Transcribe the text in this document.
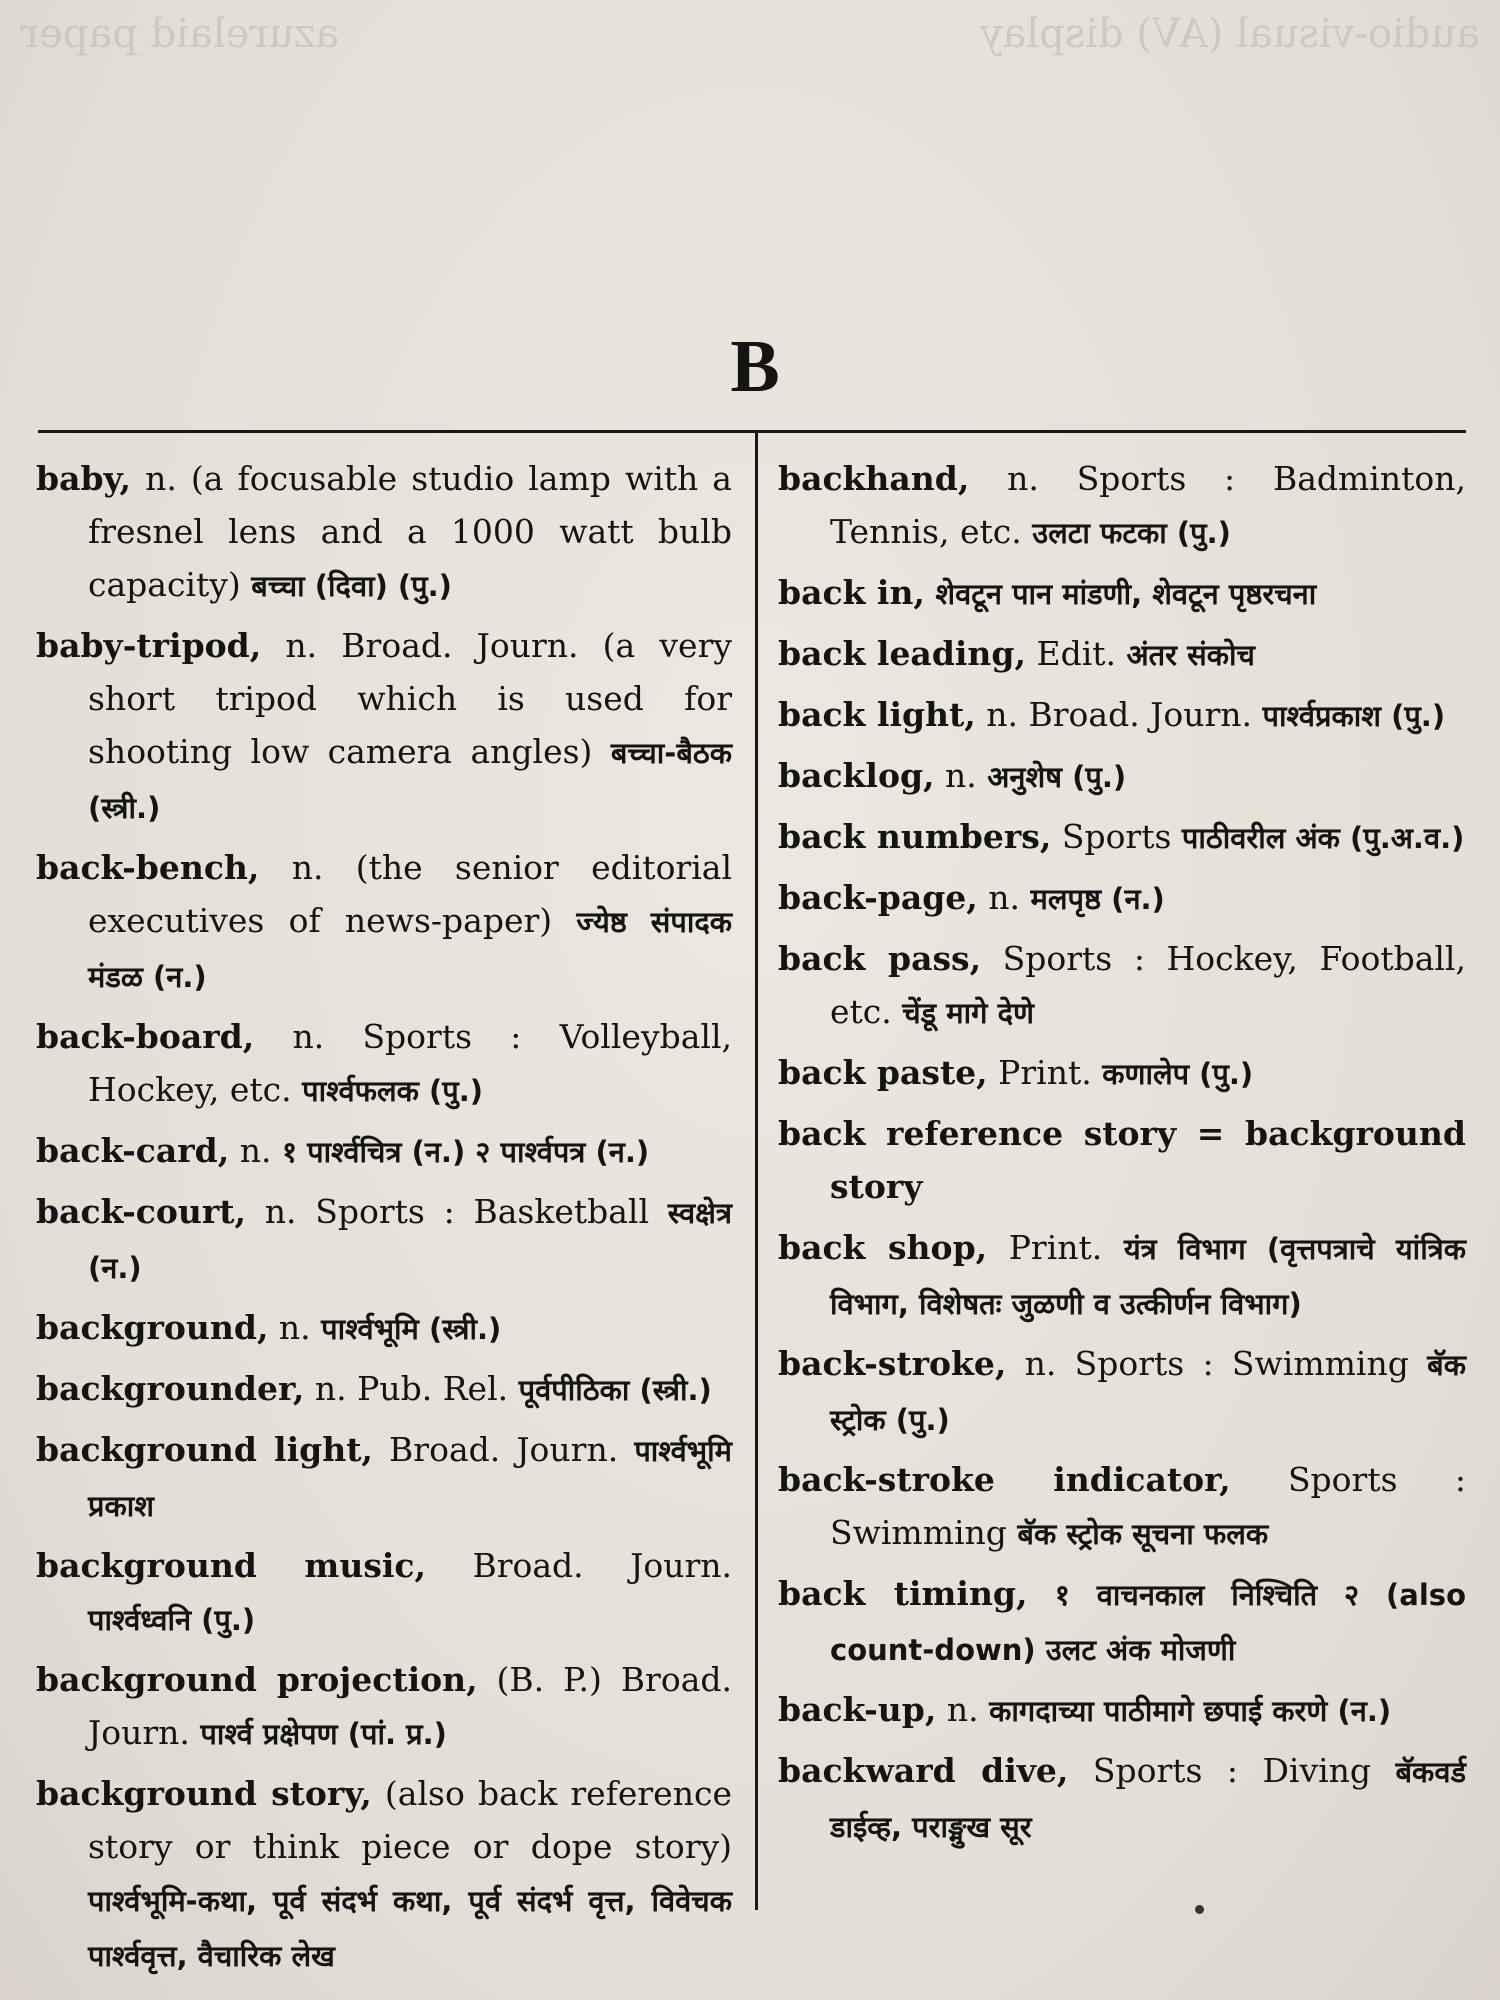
audio-visual (AV) display
azurelaid paper
B
baby, n. (a focusable studio lamp with a fresnel lens and a 1000 watt bulb capacity) बच्चा (दिवा) (पु.)
baby-tripod, n. Broad. Journ. (a very short tripod which is used for shooting low camera angles) बच्चा-बैठक (स्त्री.)
back-bench, n. (the senior editorial executives of news-paper) ज्येष्ठ संपादक मंडळ (न.)
back-board, n. Sports : Volleyball, Hockey, etc. पार्श्वफलक (पु.)
back-card, n. १ पार्श्वचित्र (न.) २ पार्श्वपत्र (न.)
back-court, n. Sports : Basketball स्वक्षेत्र (न.)
background, n. पार्श्वभूमि (स्त्री.)
backgrounder, n. Pub. Rel. पूर्वपीठिका (स्त्री.)
background light, Broad. Journ. पार्श्वभूमि प्रकाश
background music, Broad. Journ. पार्श्वध्वनि (पु.)
background projection, (B. P.) Broad. Journ. पार्श्व प्रक्षेपण (पां. प्र.)
background story, (also back reference story or think piece or dope story) पार्श्वभूमि-कथा, पूर्व संदर्भ कथा, पूर्व संदर्भ वृत्त, विवेचक पार्श्ववृत्त, वैचारिक लेख
backhand, n. Sports : Badminton, Tennis, etc. उलटा फटका (पु.)
back in, शेवटून पान मांडणी, शेवटून पृष्ठरचना
back leading, Edit. अंतर संकोच
back light, n. Broad. Journ. पार्श्वप्रकाश (पु.)
backlog, n. अनुशेष (पु.)
back numbers, Sports पाठीवरील अंक (पु.अ.व.)
back-page, n. मलपृष्ठ (न.)
back pass, Sports : Hockey, Football, etc. चेंडू मागे देणे
back paste, Print. कणालेप (पु.)
back reference story = background story
back shop, Print. यंत्र विभाग (वृत्तपत्राचे यांत्रिक विभाग, विशेषतः जुळणी व उत्कीर्णन विभाग)
back-stroke, n. Sports : Swimming बॅक स्ट्रोक (पु.)
back-stroke indicator, Sports : Swimming बॅक स्ट्रोक सूचना फलक
back timing, १ वाचनकाल निश्चिति २ (also count-down) उलट अंक मोजणी
back-up, n. कागदाच्या पाठीमागे छपाई करणे (न.)
backward dive, Sports : Diving बॅकवर्ड डाईव्ह, पराङ्मुख सूर
